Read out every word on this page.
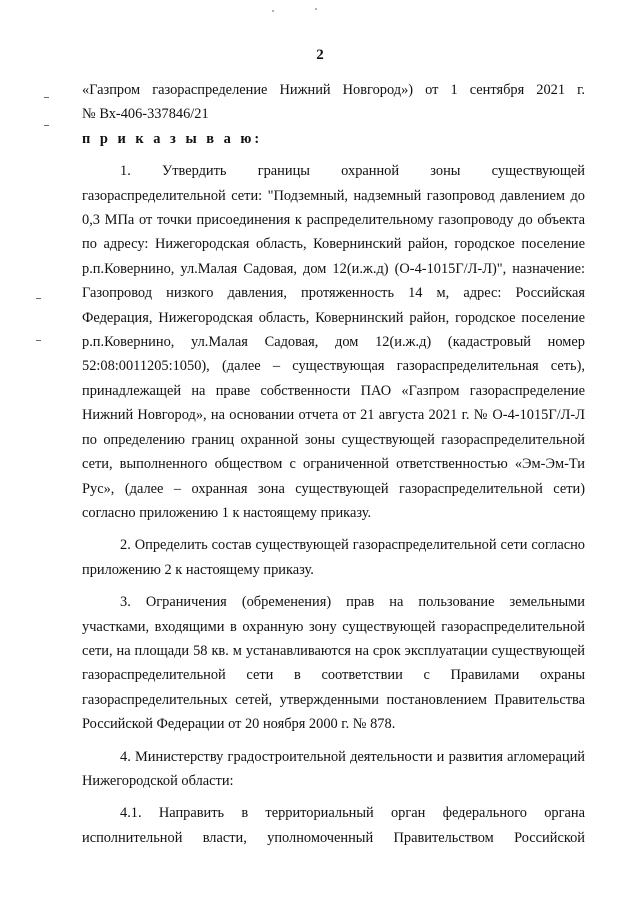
2

«Газпром газораспределение Нижний Новгород») от 1 сентября 2021 г.

№ Вх-406-337846/21

п р и к а з ы в а ю:

1. Утвердить границы охранной зоны существующей газораспределительной сети: "Подземный, надземный газопровод давлением до 0,3 МПа от точки присоединения к распределительному газопроводу до объекта по адресу: Нижегородская область, Ковернинский район, городское поселение р.п.Ковернино, ул.Малая Садовая, дом 12(и.ж.д) (О-4-1015Г/Л-Л)", назначение: Газопровод низкого давления, протяженность 14 м, адрес: Российская Федерация, Нижегородская область, Ковернинский район, городское поселение р.п.Ковернино, ул.Малая Садовая, дом 12(и.ж.д) (кадастровый номер 52:08:0011205:1050), (далее – существующая газораспределительная сеть), принадлежащей на праве собственности ПАО «Газпром газораспределение Нижний Новгород», на основании отчета от 21 августа 2021 г. № О-4-1015Г/Л-Л по определению границ охранной зоны существующей газораспределительной сети, выполненного обществом с ограниченной ответственностью «Эм-Эм-Ти Рус», (далее – охранная зона существующей газораспределительной сети) согласно приложению 1 к настоящему приказу.

2. Определить состав существующей газораспределительной сети согласно приложению 2 к настоящему приказу.

3. Ограничения (обременения) прав на пользование земельными участками, входящими в охранную зону существующей газораспределительной сети, на площади 58 кв. м устанавливаются на срок эксплуатации существующей газораспределительной сети в соответствии с Правилами охраны газораспределительных сетей, утвержденными постановлением Правительства Российской Федерации от 20 ноября 2000 г. № 878.

4. Министерству градостроительной деятельности и развития агломераций Нижегородской области:

4.1. Направить в территориальный орган федерального органа исполнительной власти, уполномоченный Правительством Российской
